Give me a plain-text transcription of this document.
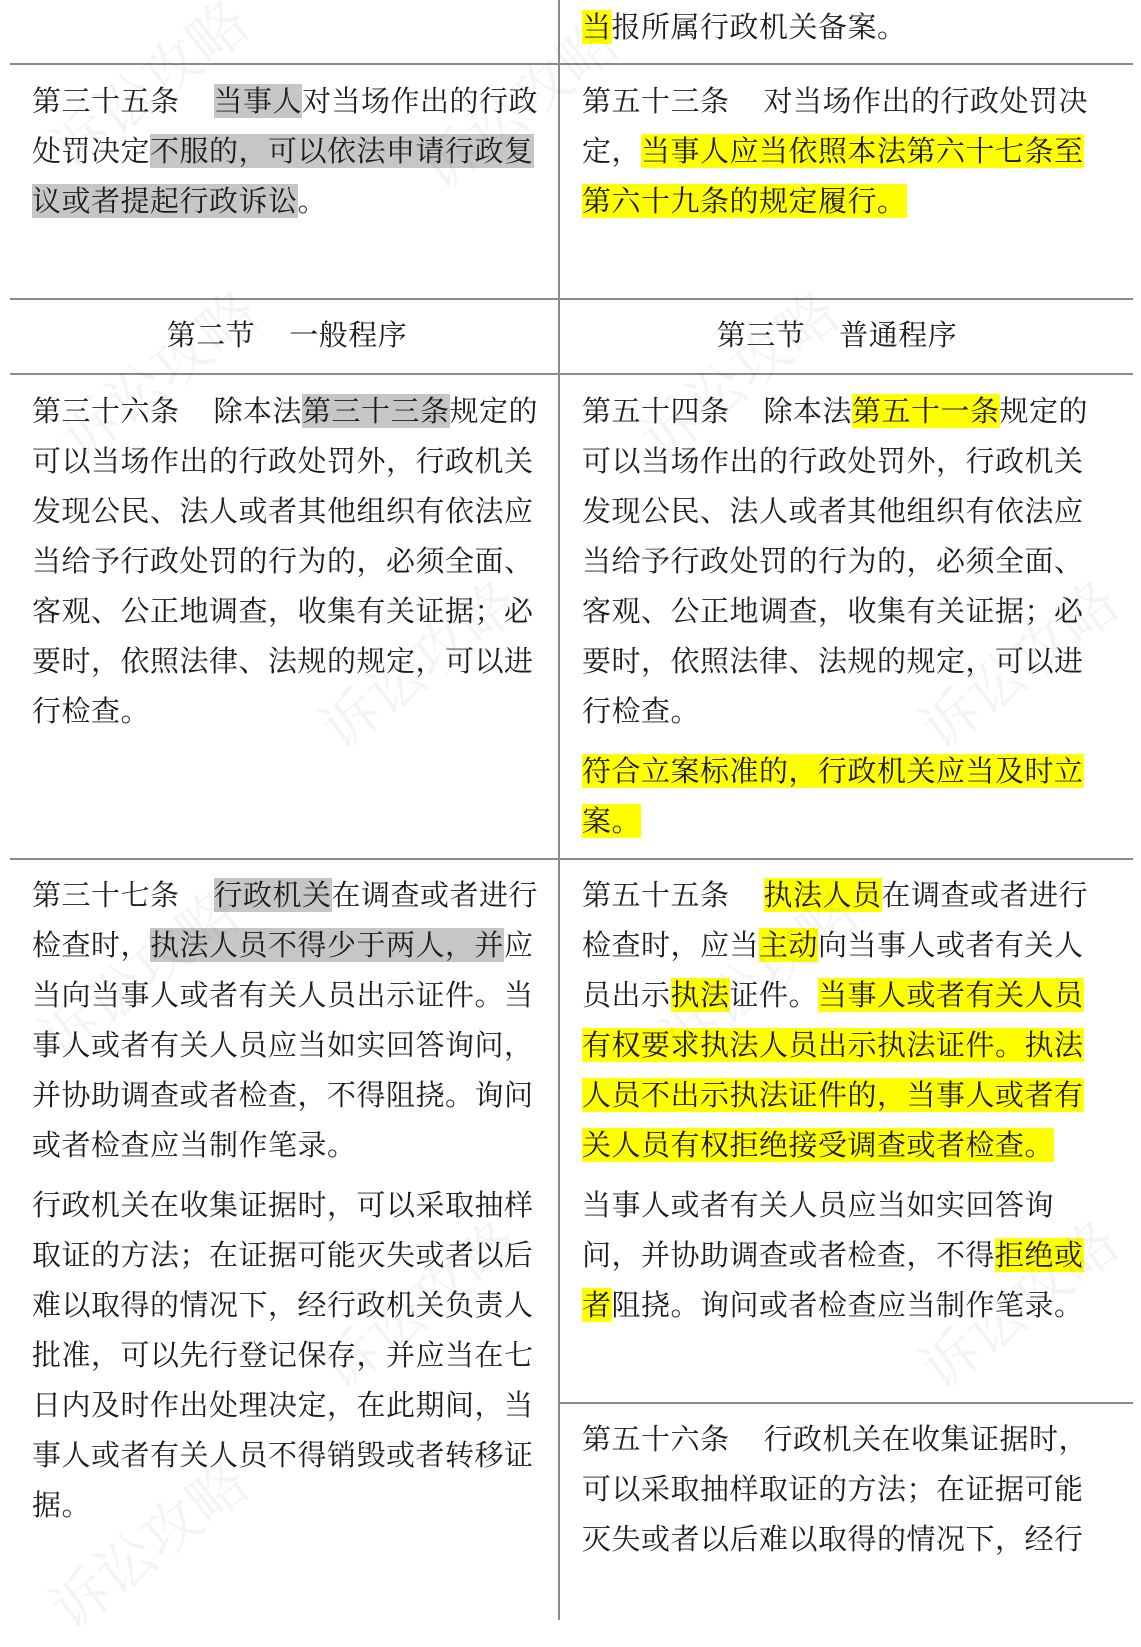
当报所属行政机关备案。

第三十五条 当事人对当场作出的行政处罚决定不服的，可以依法申请行政复议或者提起行政诉讼。

第五十三条 对当场作出的行政处罚决定，当事人应当依照本法第六十七条至第六十九条的规定履行。

第二节 一般程序	第三节 普通程序

第三十六条 除本法第三十三条规定的可以当场作出的行政处罚外，行政机关发现公民、法人或者其他组织有依法应当给予行政处罚的行为的，必须全面、客观、公正地调查，收集有关证据；必要时，依照法律、法规的规定，可以进行检查。

第五十四条 除本法第五十一条规定的可以当场作出的行政处罚外，行政机关发现公民、法人或者其他组织有依法应当给予行政处罚的行为的，必须全面、客观、公正地调查，收集有关证据；必要时，依照法律、法规的规定，可以进行检查。

符合立案标准的，行政机关应当及时立案。

第三十七条 行政机关在调查或者进行检查时，执法人员不得少于两人，并应当向当事人或者有关人员出示证件。当事人或者有关人员应当如实回答询问，并协助调查或者检查，不得阻挠。询问或者检查应当制作笔录。

行政机关在收集证据时，可以采取抽样取证的方法；在证据可能灭失或者以后难以取得的情况下，经行政机关负责人批准，可以先行登记保存，并应当在七日内及时作出处理决定，在此期间，当事人或者有关人员不得销毁或者转移证据。

第五十五条 执法人员在调查或者进行检查时，应当主动向当事人或者有关人员出示执法证件。当事人或者有关人员有权要求执法人员出示执法证件。执法人员不出示执法证件的，当事人或者有关人员有权拒绝接受调查或者检查。

当事人或者有关人员应当如实回答询问，并协助调查或者检查，不得拒绝或者阻挠。询问或者检查应当制作笔录。

第五十六条 行政机关在收集证据时，可以采取抽样取证的方法；在证据可能灭失或者以后难以取得的情况下，经行
